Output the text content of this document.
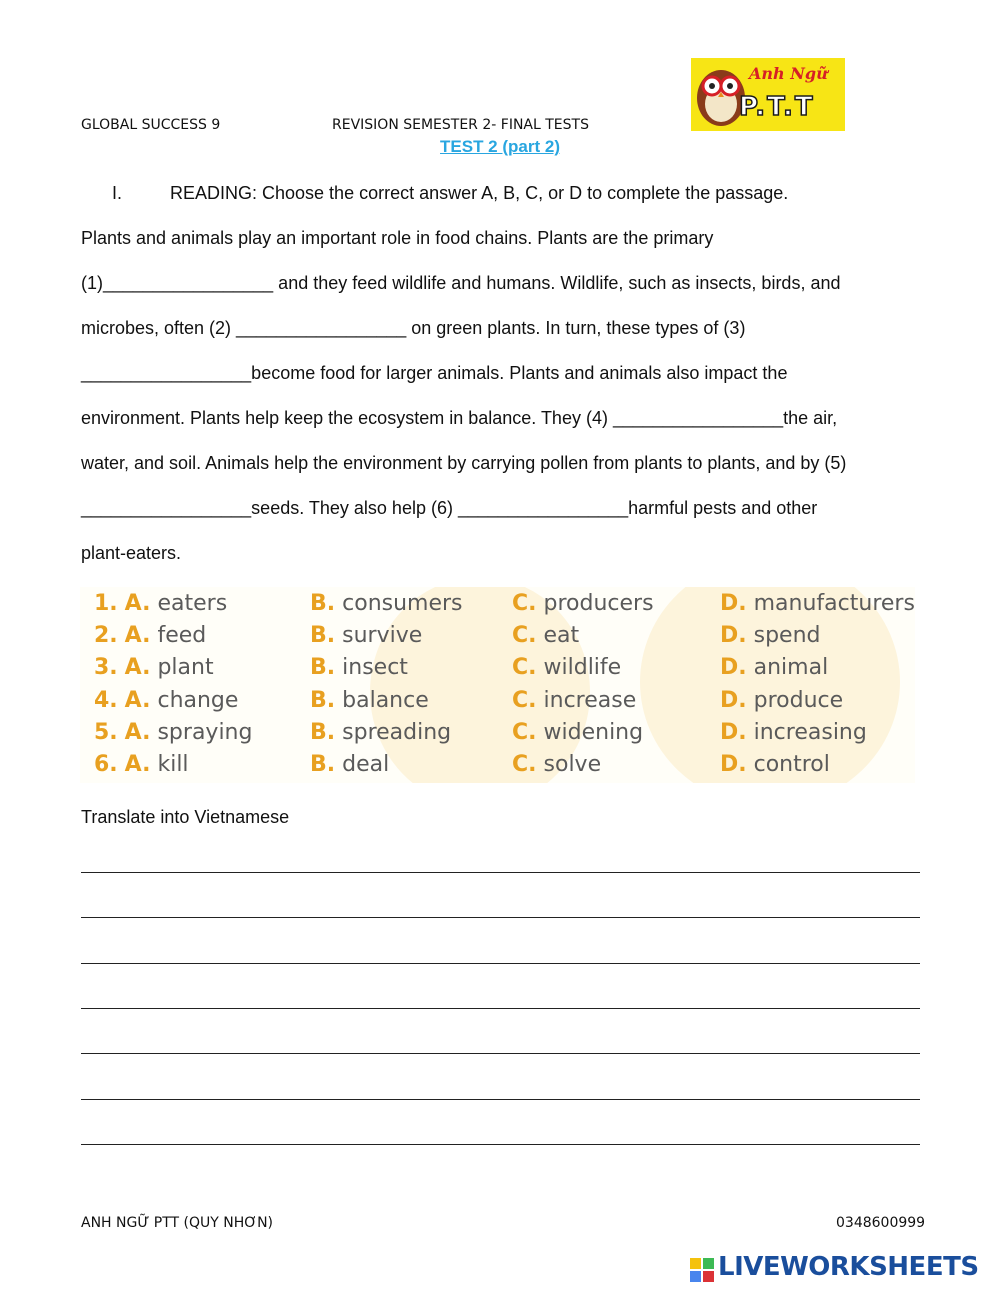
GLOBAL SUCCESS 9	REVISION SEMESTER 2- FINAL TESTS
Anh Ngữ
P.T.T
TEST 2 (part 2)
I.	READING: Choose the correct answer A, B, C, or D to complete the passage.
Plants and animals play an important role in food chains. Plants are the primary
(1)_________________ and they feed wildlife and humans. Wildlife, such as insects, birds, and
microbes, often (2) _________________ on green plants. In turn, these types of (3)
_________________become food for larger animals. Plants and animals also impact the
environment. Plants help keep the ecosystem in balance. They (4) _________________the air,
water, and soil. Animals help the environment by carrying pollen from plants to plants, and by (5)
_________________seeds. They also help (6) _________________harmful pests and other
plant-eaters.
1. A. eaters	B. consumers C. producers	D. manufacturers
2. A. feed	B. survive	C. eat	D. spend
3. A. plant	B. insect	C. wildlife	D. animal
4. A. change	B. balance	C. increase	D. produce
5. A. spraying	B. spreading	C. widening	D. increasing
6. A. kill	B. deal	C. solve	D. control
Translate into Vietnamese
ANH NGỮ PTT (QUY NHƠN)	0348600999
LIVEWORKSHEETS
